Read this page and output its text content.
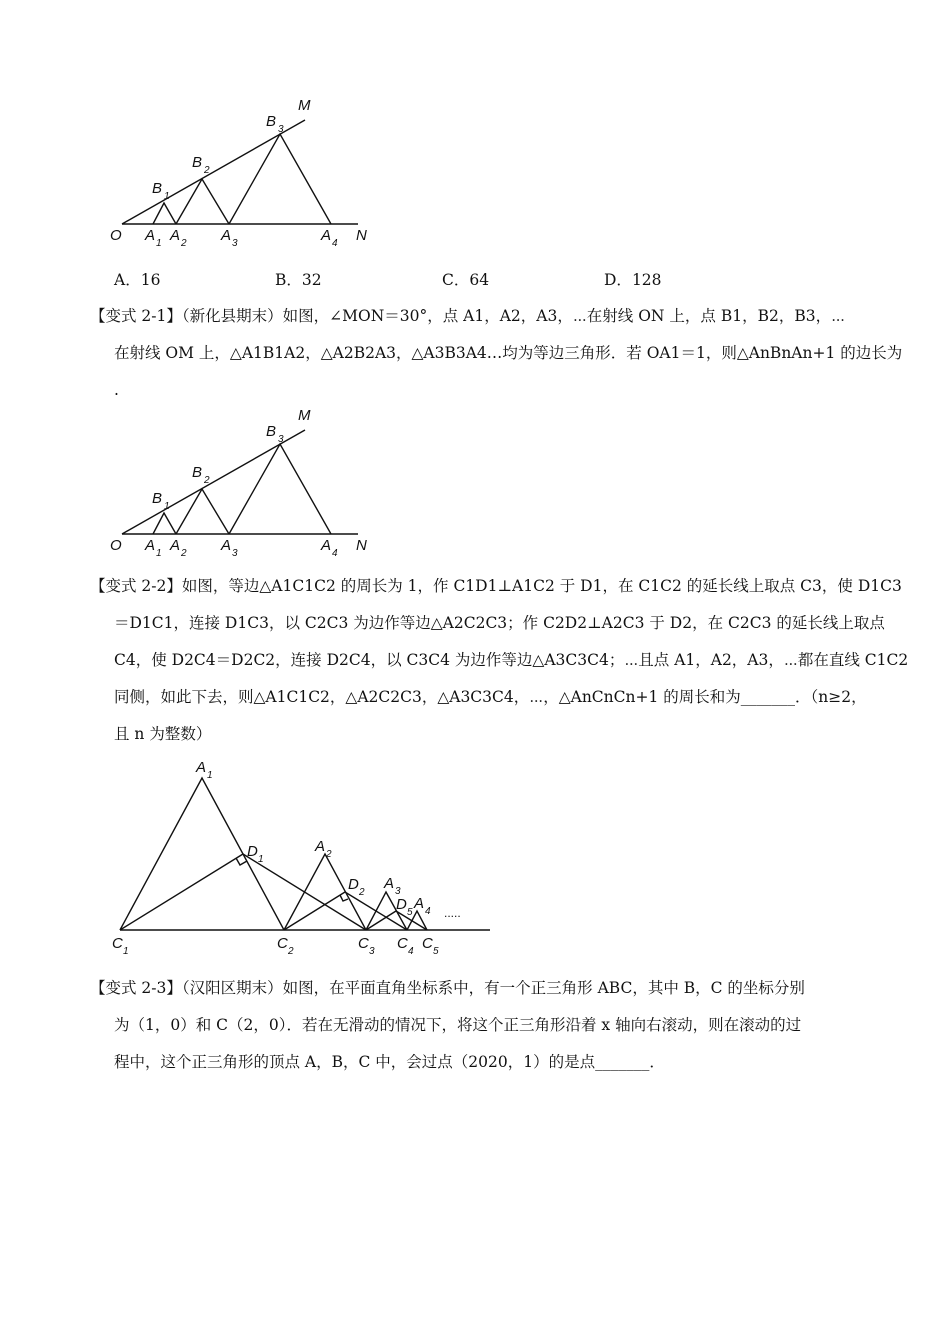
M
B 3
B 2
B 1
O A 1 A 2 A 3	A 4 N
A．16	B．32	C．64	D．128
【变式 2-1】（新化县期末）如图，∠MON＝30°，点 A1，A2，A3，⋯在射线 ON 上，点 B1，B2，B3，⋯
在射线 OM 上，△A1B1A2，△A2B2A3，△A3B3A4…均为等边三角形．若 OA1＝1，则△AnBnAn+1 的边长为
.
M
B 3
B 2
B 1
O A 1 A 2 A 3	A 4 N
【变式 2-2】如图，等边△A1C1C2 的周长为 1，作 C1D1⊥A1C2 于 D1，在 C1C2 的延长线上取点 C3，使 D1C3
＝D1C1，连接 D1C3，以 C2C3 为边作等边△A2C2C3；作 C2D2⊥A2C3 于 D2，在 C2C3 的延长线上取点
C4，使 D2C4＝D2C2，连接 D2C4，以 C3C4 为边作等边△A3C3C4；⋯且点 A1，A2，A3，⋯都在直线 C1C2
同侧，如此下去，则△A1C1C2，△A2C2C3，△A3C3C4，⋯，△AnCnCn+1 的周长和为_______．（n≥2，
且 n 为整数）
A 1
D 1
A 2
D 2
A 3
D 5
A 4 .....
C 1	C 2	C 3 C 4 C 5
【变式 2-3】（汉阳区期末）如图，在平面直角坐标系中，有一个正三角形 ABC，其中 B，C 的坐标分别
为（1，0）和 C（2，0）．若在无滑动的情况下，将这个正三角形沿着 x 轴向右滚动，则在滚动的过
程中，这个正三角形的顶点 A，B，C 中，会过点（2020，1）的是点_______．
